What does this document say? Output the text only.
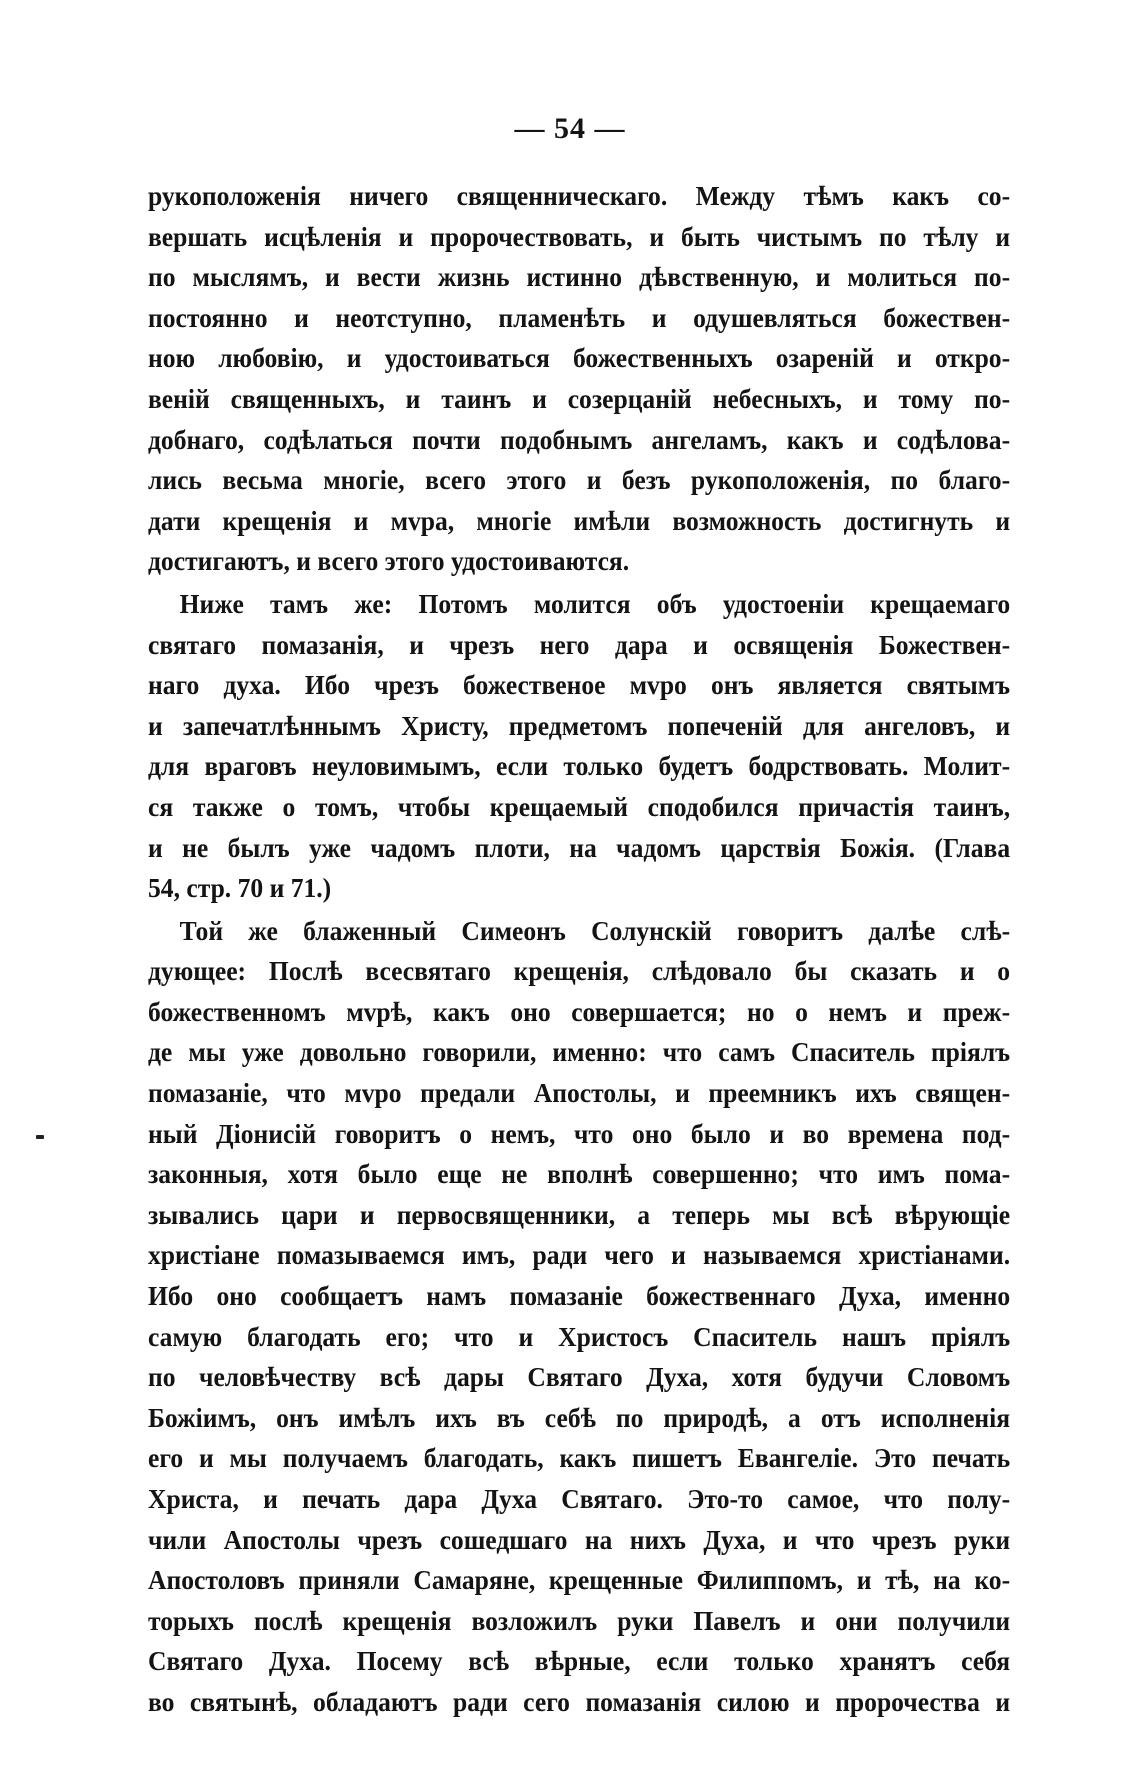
— 54 —
рукоположенія ничего священническаго. Между тѣмъ какъ со-
вершать исцѣленія и пророчествовать, и быть чистымъ по тѣлу и
по мыслямъ, и вести жизнь истинно дѣвственную, и молиться по-
постоянно и неотступно, пламенѣть и одушевляться божествен-
ною любовію, и удостоиваться божественныхъ озареній и откро-
веній священныхъ, и таинъ и созерцаній небесныхъ, и тому по-
добнаго, содѣлаться почти подобнымъ ангеламъ, какъ и содѣлова-
лись весьма многіе, всего этого и безъ рукоположенія, по благо-
дати крещенія и мvра, многіе имѣли возможность достигнуть и
достигаютъ, и всего этого удостоиваются.
Ниже тамъ же: Потомъ молится объ удостоеніи крещаемаго
святаго помазанія, и чрезъ него дара и освященія Божествен-
наго духа. Ибо чрезъ божественое мvро онъ является святымъ
и запечатлѣннымъ Христу, предметомъ попеченій для ангеловъ, и
для враговъ неуловимымъ, если только будетъ бодрствовать. Молит-
ся также о томъ, чтобы крещаемый сподобился причастія таинъ,
и не былъ уже чадомъ плоти, на чадомъ царствія Божія. (Глава
54, стр. 70 и 71.)
Той же блаженный Симеонъ Солунскій говоритъ далѣе слѣ-
дующее: Послѣ всесвятаго крещенія, слѣдовало бы сказать и о
божественномъ мvрѣ, какъ оно совершается; но о немъ и преж-
де мы уже довольно говорили, именно: что самъ Спаситель пріялъ
помазаніе, что мvро предали Апостолы, и преемникъ ихъ священ-
ный Діонисій говоритъ о немъ, что оно было и во времена под-
законныя, хотя было еще не вполнѣ совершенно; что имъ пома-
зывались цари и первосвященники, а теперь мы всѣ вѣрующіе
христіане помазываемся имъ, ради чего и называемся христіанами.
Ибо оно сообщаетъ намъ помазаніе божественнаго Духа, именно
самую благодать его; что и Христосъ Спаситель нашъ пріялъ
по человѣчеству всѣ дары Святаго Духа, хотя будучи Словомъ
Божіимъ, онъ имѣлъ ихъ въ себѣ по природѣ, а отъ исполненія
его и мы получаемъ благодать, какъ пишетъ Евангеліе. Это печать
Христа, и печать дара Духа Святаго. Это-то самое, что полу-
чили Апостолы чрезъ сошедшаго на нихъ Духа, и что чрезъ руки
Апостоловъ приняли Самаряне, крещенные Филиппомъ, и тѣ, на ко-
торыхъ послѣ крещенія возложилъ руки Павелъ и они получили
Святаго Духа. Посему всѣ вѣрные, если только хранятъ себя
во святынѣ, обладаютъ ради сего помазанія силою и пророчества и
